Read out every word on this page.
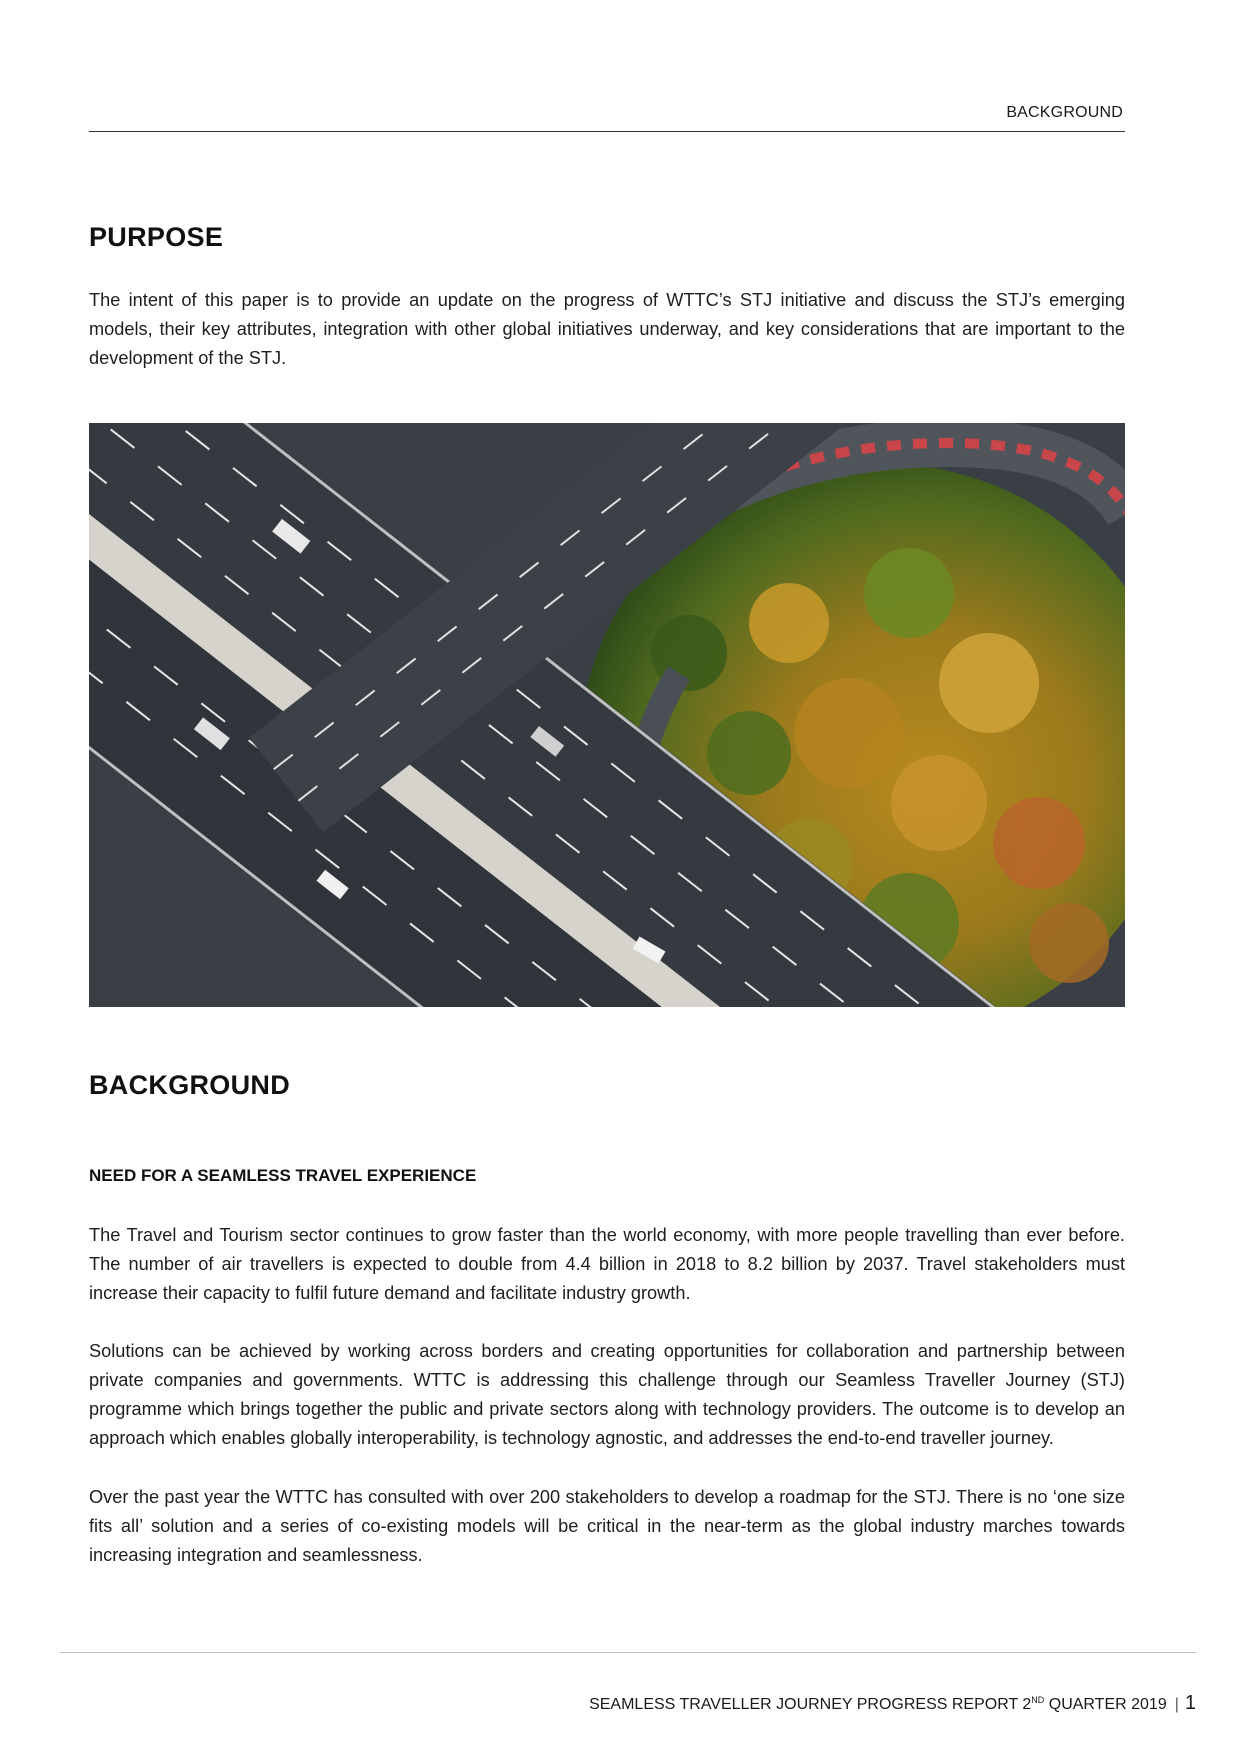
BACKGROUND
PURPOSE

The intent of this paper is to provide an update on the progress of WTTC’s STJ initiative and discuss the STJ’s emerging models, their key attributes, integration with other global initiatives underway, and key considerations that are important to the development of the STJ.

BACKGROUND

NEED FOR A SEAMLESS TRAVEL EXPERIENCE

The Travel and Tourism sector continues to grow faster than the world economy, with more people travelling than ever before. The number of air travellers is expected to double from 4.4 billion in 2018 to 8.2 billion by 2037. Travel stakeholders must increase their capacity to fulfil future demand and facilitate industry growth.

Solutions can be achieved by working across borders and creating opportunities for collaboration and partnership between private companies and governments. WTTC is addressing this challenge through our Seamless Traveller Journey (STJ) programme which brings together the public and private sectors along with technology providers. The outcome is to develop an approach which enables globally interoperability, is technology agnostic, and addresses the end-to-end traveller journey.

Over the past year the WTTC has consulted with over 200 stakeholders to develop a roadmap for the STJ. There is no ‘one size fits all’ solution and a series of co-existing models will be critical in the near-term as the global industry marches towards increasing integration and seamlessness.

SEAMLESS TRAVELLER JOURNEY PROGRESS REPORT 2ND QUARTER 2019 | 1
